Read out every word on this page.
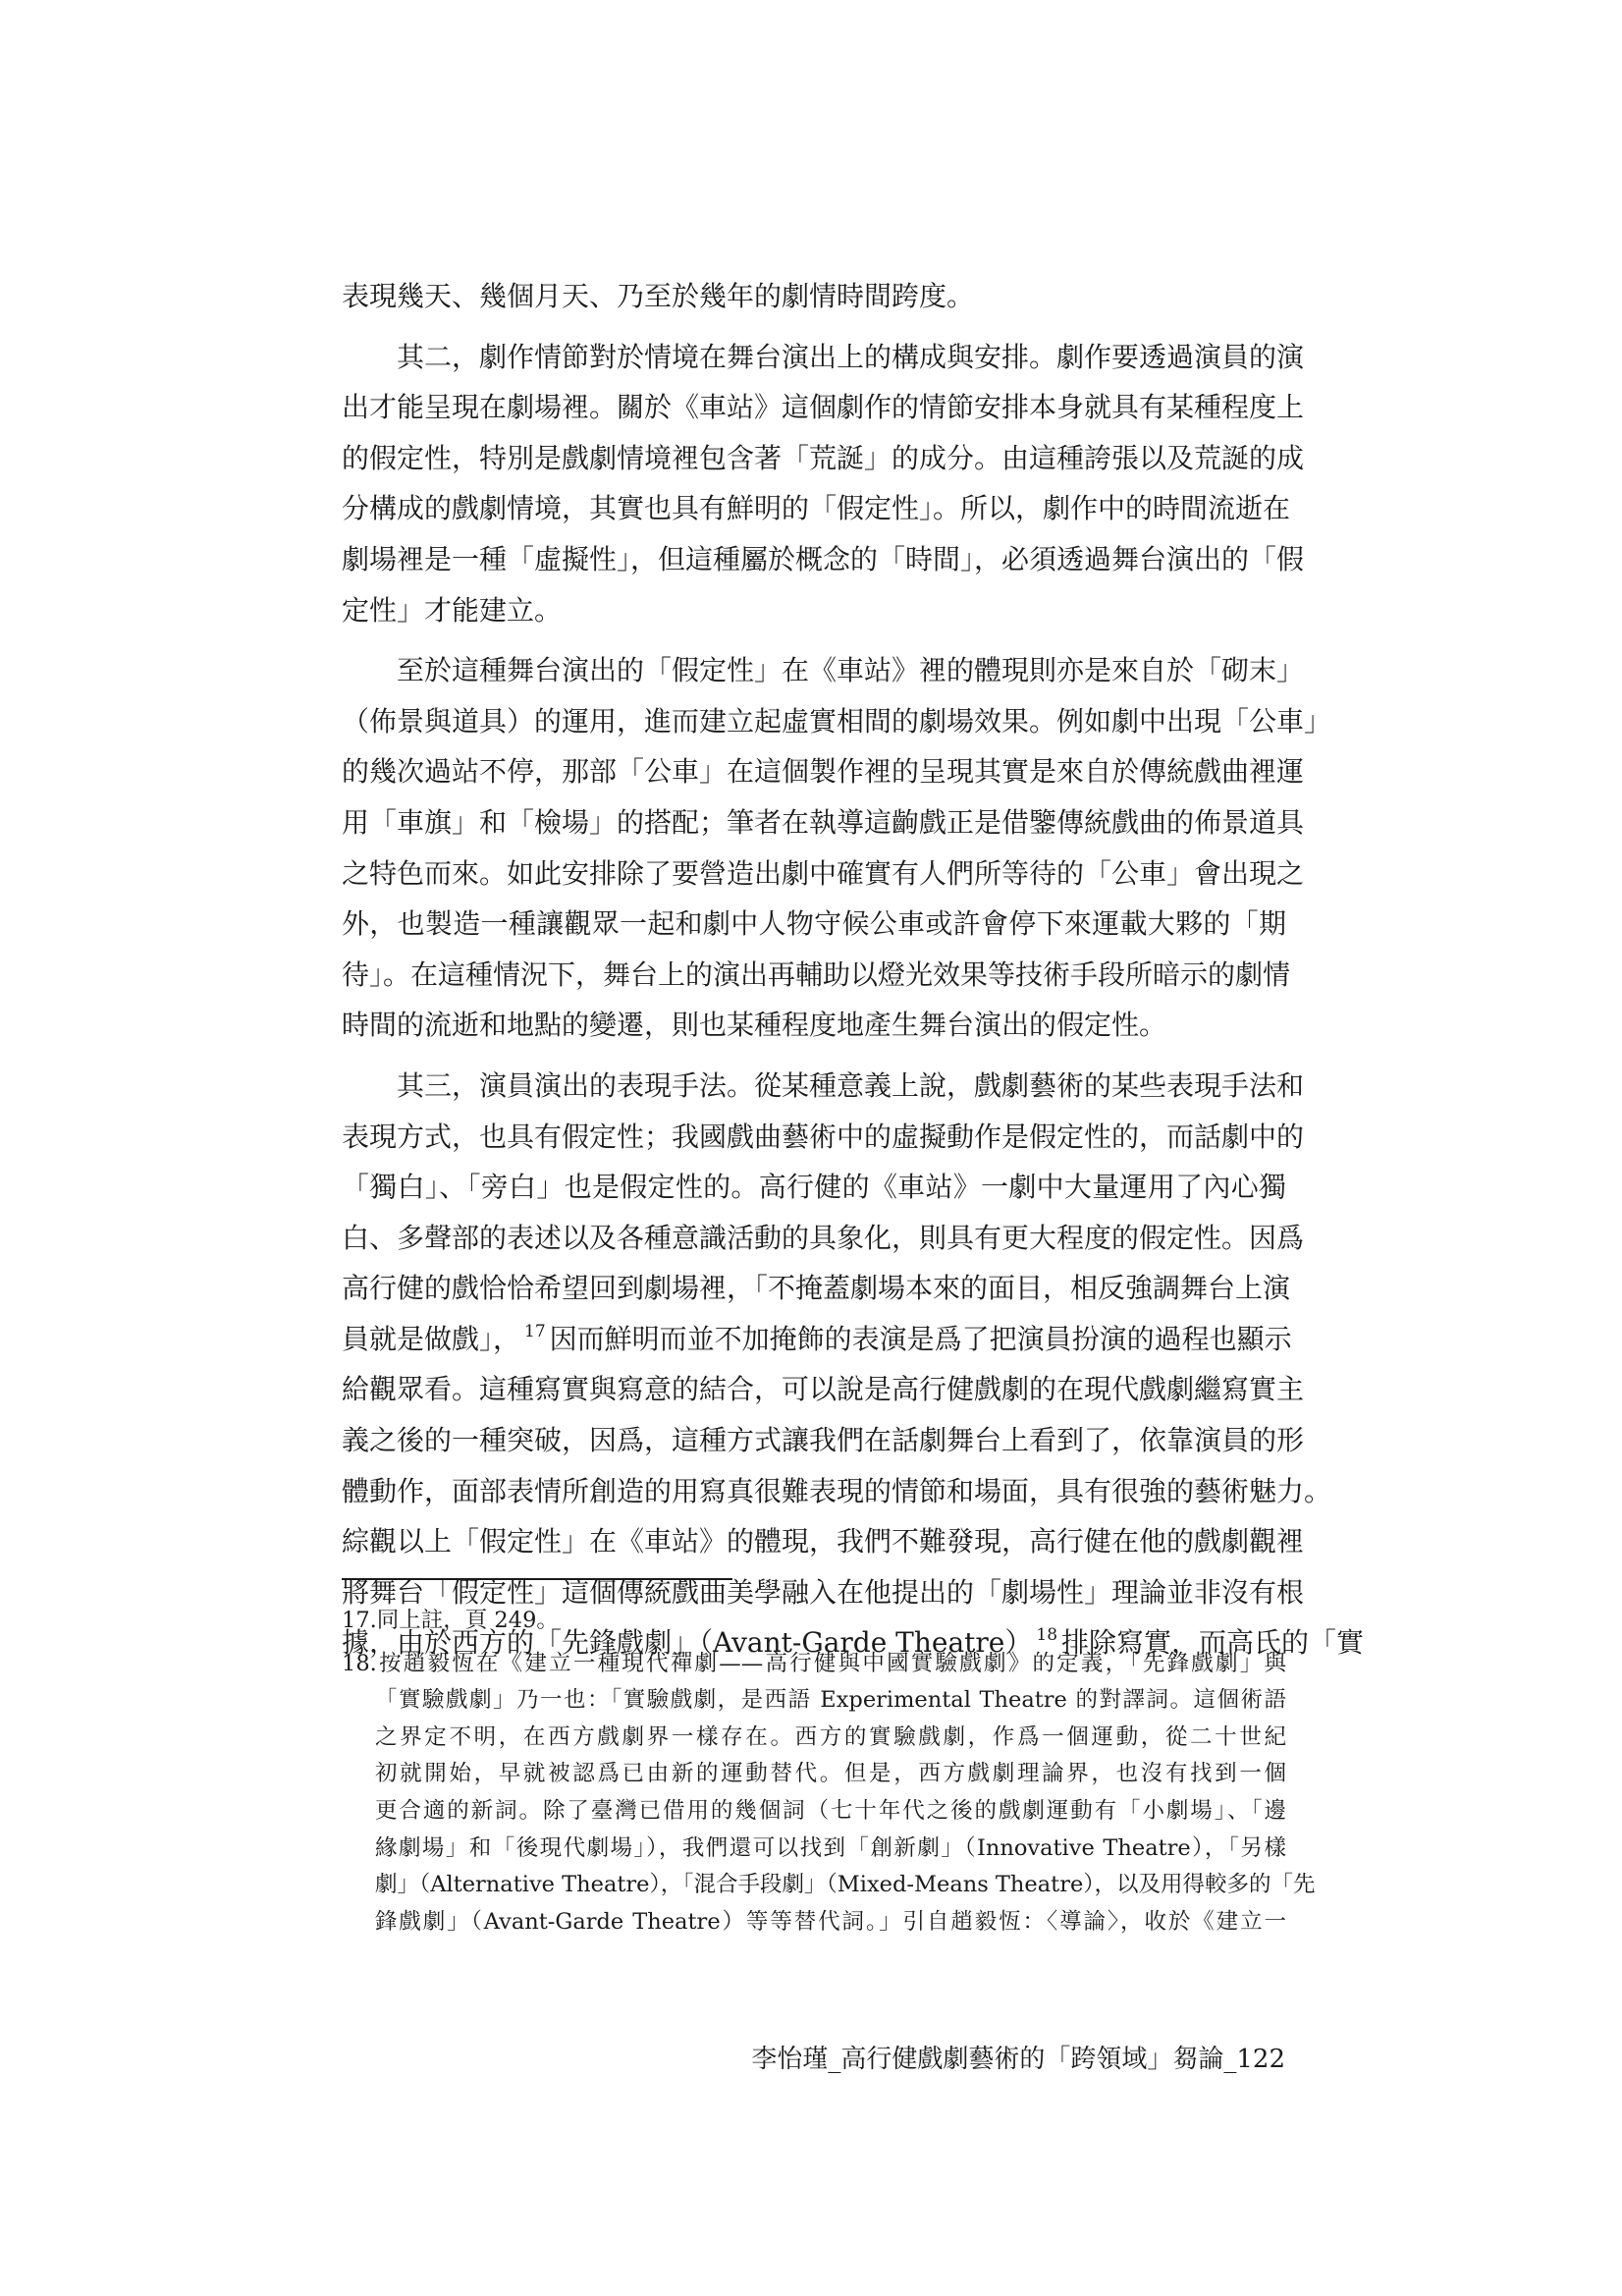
表現幾天、幾個月天、乃至於幾年的劇情時間跨度。
其二，劇作情節對於情境在舞台演出上的構成與安排。劇作要透過演員的演
出才能呈現在劇場裡。關於《車站》這個劇作的情節安排本身就具有某種程度上
的假定性，特別是戲劇情境裡包含著「荒誕」的成分。由這種誇張以及荒誕的成
分構成的戲劇情境，其實也具有鮮明的「假定性」。所以，劇作中的時間流逝在
劇場裡是一種「虛擬性」，但這種屬於概念的「時間」，必須透過舞台演出的「假
定性」才能建立。
至於這種舞台演出的「假定性」在《車站》裡的體現則亦是來自於「砌末」
（佈景與道具）的運用，進而建立起虛實相間的劇場效果。例如劇中出現「公車」
的幾次過站不停，那部「公車」在這個製作裡的呈現其實是來自於傳統戲曲裡運
用「車旗」和「檢場」的搭配；筆者在執導這齣戲正是借鑒傳統戲曲的佈景道具
之特色而來。如此安排除了要營造出劇中確實有人們所等待的「公車」會出現之
外，也製造一種讓觀眾一起和劇中人物守候公車或許會停下來運載大夥的「期
待」。在這種情況下，舞台上的演出再輔助以燈光效果等技術手段所暗示的劇情
時間的流逝和地點的變遷，則也某種程度地產生舞台演出的假定性。
其三，演員演出的表現手法。從某種意義上說，戲劇藝術的某些表現手法和
表現方式，也具有假定性；我國戲曲藝術中的虛擬動作是假定性的，而話劇中的
「獨白」、「旁白」也是假定性的。高行健的《車站》一劇中大量運用了內心獨
白、多聲部的表述以及各種意識活動的具象化，則具有更大程度的假定性。因爲
高行健的戲恰恰希望回到劇場裡，「不掩蓋劇場本來的面目，相反強調舞台上演
員就是做戲」， $^{17}$ 因而鮮明而並不加掩飾的表演是爲了把演員扮演的過程也顯示
給觀眾看。這種寫實與寫意的結合，可以說是高行健戲劇的在現代戲劇繼寫實主
義之後的一種突破，因爲，這種方式讓我們在話劇舞台上看到了，依靠演員的形
體動作，面部表情所創造的用寫真很難表現的情節和場面，具有很強的藝術魅力。
綜觀以上「假定性」在《車站》的體現，我們不難發現，高行健在他的戲劇觀裡
將舞台「假定性」這個傳統戲曲美學融入在他提出的「劇場性」理論並非沒有根
據，由於西方的「先鋒戲劇」（Avant-Garde Theatre） $^{18}$ 排除寫實，而高氏的「實
17.同上註，頁 249。
18.按趙毅恆在《建立一種現代禪劇——高行健與中國實驗戲劇》的定義，「先鋒戲劇」與
「實驗戲劇」乃一也：「實驗戲劇，是西語 Experimental Theatre 的對譯詞。這個術語
之界定不明，在西方戲劇界一樣存在。西方的實驗戲劇，作爲一個運動，從二十世紀
初就開始，早就被認爲已由新的運動替代。但是，西方戲劇理論界，也沒有找到一個
更合適的新詞。除了臺灣已借用的幾個詞（七十年代之後的戲劇運動有「小劇場」、「邊
緣劇場」和「後現代劇場」），我們還可以找到「創新劇」（Innovative Theatre），「另樣
劇」（Alternative Theatre），「混合手段劇」（Mixed-Means Theatre），以及用得較多的「先
鋒戲劇」（Avant-Garde Theatre）等等替代詞。」引自趙毅恆：〈導論〉，收於《建立一
李怡瑾_高行健戲劇藝術的「跨領域」芻論_122
